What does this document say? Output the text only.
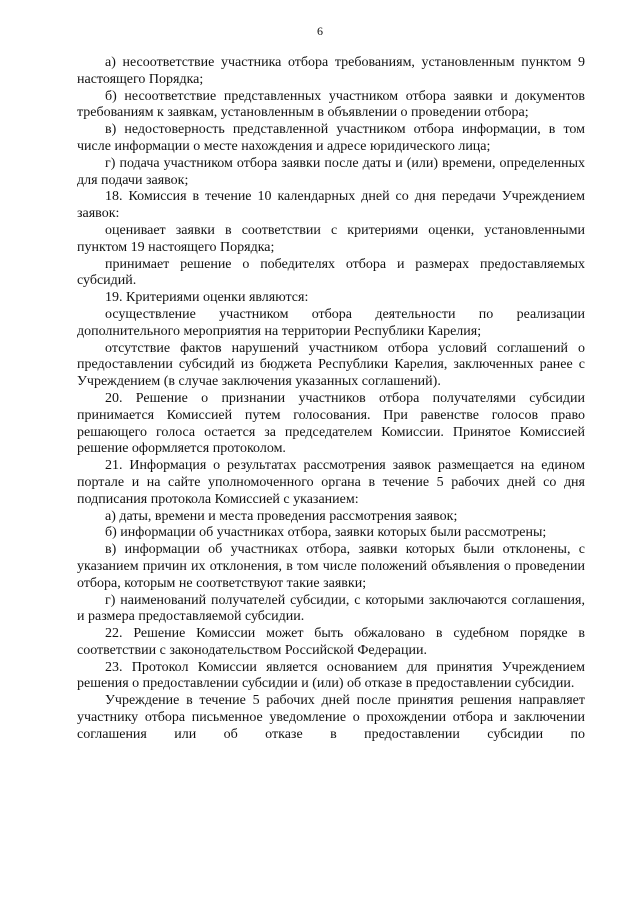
6

а) несоответствие участника отбора требованиям, установленным пунктом 9 настоящего Порядка;

б) несоответствие представленных участником отбора заявки и документов требованиям к заявкам, установленным в объявлении о проведении отбора;

в) недостоверность представленной участником отбора информации, в том числе информации о месте нахождения и адресе юридического лица;

г) подача участником отбора заявки после даты и (или) времени, определенных для подачи заявок;

18. Комиссия в течение 10 календарных дней со дня передачи Учреждением заявок:

оценивает заявки в соответствии с критериями оценки, установленными пунктом 19 настоящего Порядка;

принимает решение о победителях отбора и размерах предоставляемых субсидий.

19. Критериями оценки являются:

осуществление участником отбора деятельности по реализации дополнительного мероприятия на территории Республики Карелия;

отсутствие фактов нарушений участником отбора условий соглашений о предоставлении субсидий из бюджета Республики Карелия, заключенных ранее с Учреждением (в случае заключения указанных соглашений).

20. Решение о признании участников отбора получателями субсидии принимается Комиссией путем голосования. При равенстве голосов право решающего голоса остается за председателем Комиссии. Принятое Комиссией решение оформляется протоколом.

21. Информация о результатах рассмотрения заявок размещается на едином портале и на сайте уполномоченного органа в течение 5 рабочих дней со дня подписания протокола Комиссией с указанием:

а) даты, времени и места проведения рассмотрения заявок;

б) информации об участниках отбора, заявки которых были рассмотрены;

в) информации об участниках отбора, заявки которых были отклонены, с указанием причин их отклонения, в том числе положений объявления о проведении отбора, которым не соответствуют такие заявки;

г) наименований получателей субсидии, с которыми заключаются соглашения, и размера предоставляемой субсидии.

22. Решение Комиссии может быть обжаловано в судебном порядке в соответствии с законодательством Российской Федерации.

23. Протокол Комиссии является основанием для принятия Учреждением решения о предоставлении субсидии и (или) об отказе в предоставлении субсидии.

Учреждение в течение 5 рабочих дней после принятия решения направляет участнику отбора письменное уведомление о прохождении отбора и заключении соглашения или об отказе в предоставлении субсидии по
